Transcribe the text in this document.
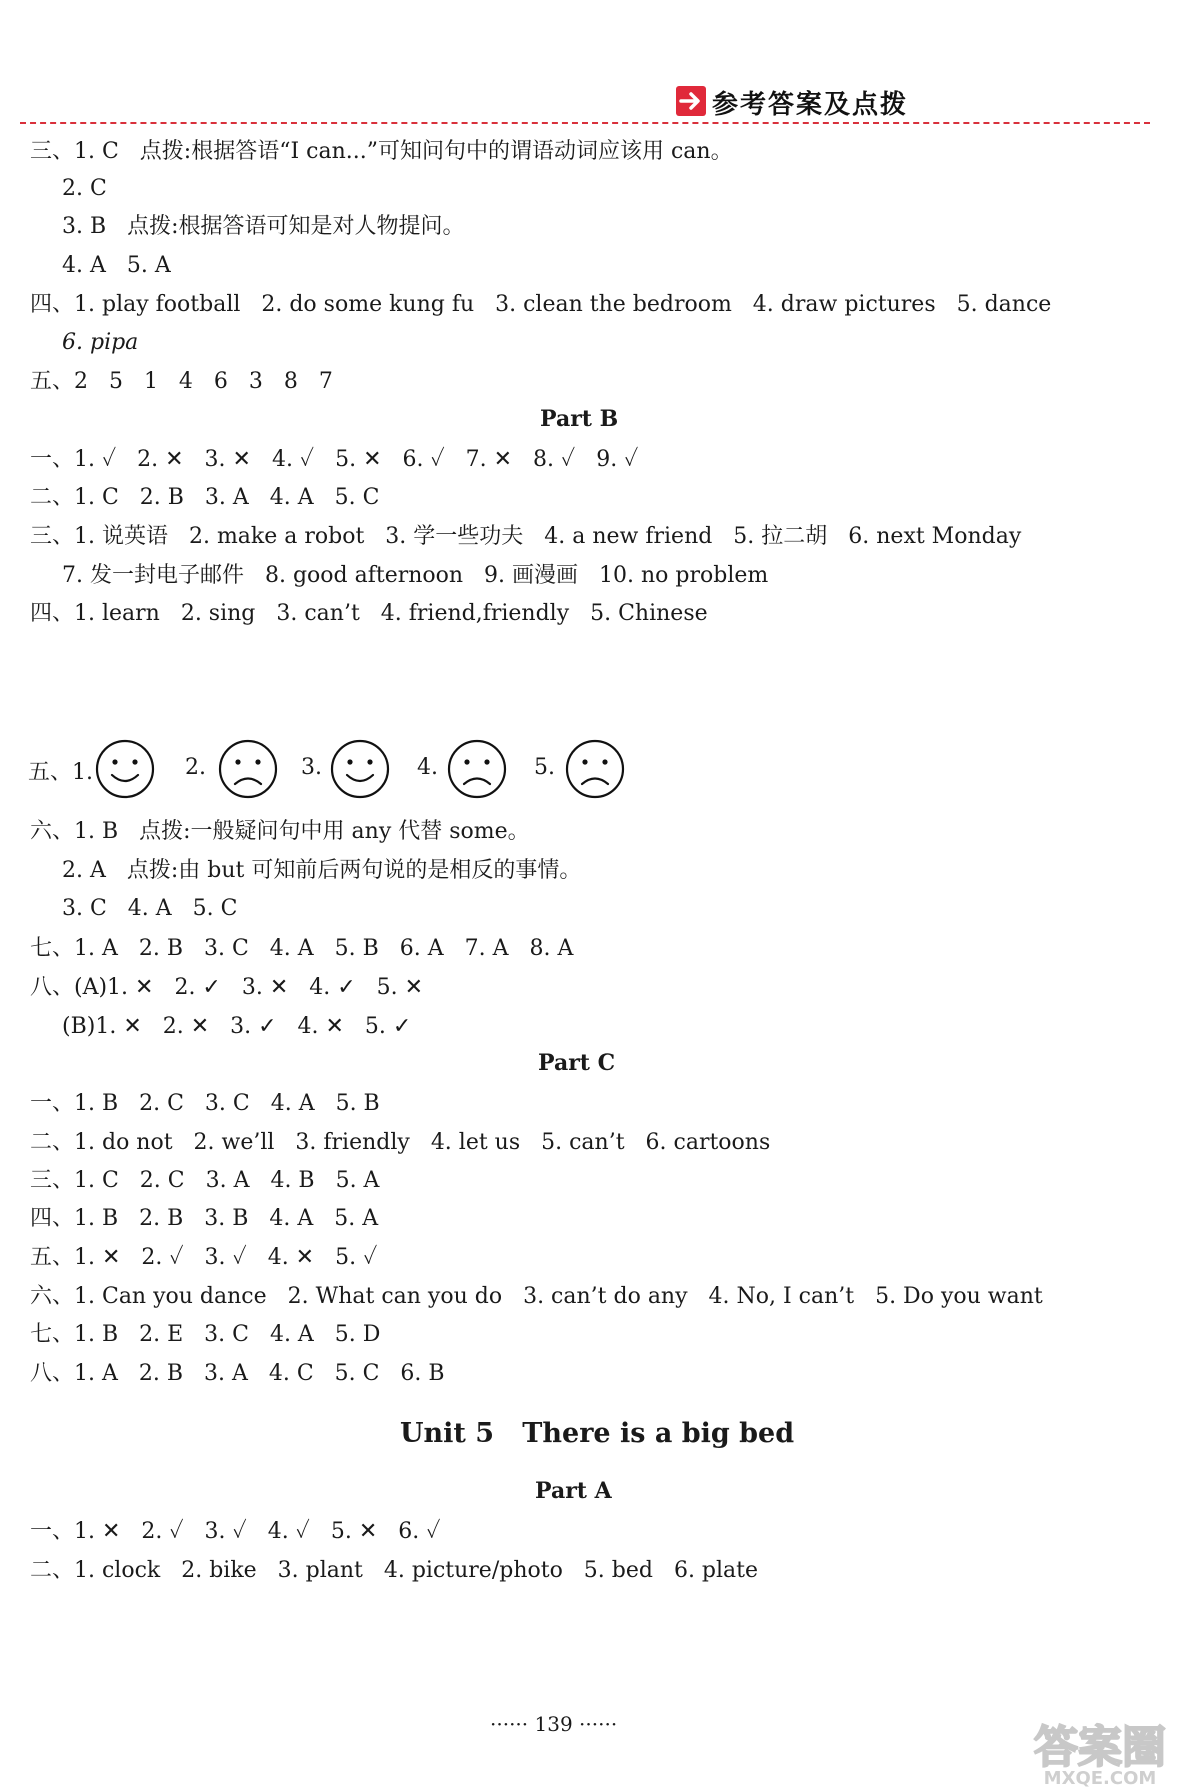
参考答案及点拨
三、1. C   点拨:根据答语“I can...”可知问句中的谓语动词应该用 can。
2. C
3. B   点拨:根据答语可知是对人物提问。
4. A   5. A
四、1. play football   2. do some kung fu   3. clean the bedroom   4. draw pictures   5. dance
6. pipa
五、2   5   1   4   6   3   8   7
Part B
一、1. ✓   2. ✕   3. ✕   4. ✓   5. ✕   6. ✓   7. ✕   8. ✓   9. ✓
二、1. C   2. B   3. A   4. A   5. C
三、1. 说英语   2. make a robot   3. 学一些功夫   4. a new friend   5. 拉二胡   6. next Monday
7. 发一封电子邮件   8. good afternoon   9. 画漫画   10. no problem
四、1. learn   2. sing   3. can’t   4. friend,friendly   5. Chinese
五、1.	2.	3.	4.	5.
六、1. B   点拨:一般疑问句中用 any 代替 some。
2. A   点拨:由 but 可知前后两句说的是相反的事情。
3. C   4. A   5. C
七、1. A   2. B   3. C   4. A   5. B   6. A   7. A   8. A
八、(A)1. ✕   2. ✓   3. ✕   4. ✓   5. ✕
(B)1. ✕   2. ✕   3. ✓   4. ✕   5. ✓
Part C
一、1. B   2. C   3. C   4. A   5. B
二、1. do not   2. we’ll   3. friendly   4. let us   5. can’t   6. cartoons
三、1. C   2. C   3. A   4. B   5. A
四、1. B   2. B   3. B   4. A   5. A
五、1. ✕   2. ✓   3. ✓   4. ✕   5. ✓
六、1. Can you dance   2. What can you do   3. can’t do any   4. No, I can’t   5. Do you want
七、1. B   2. E   3. C   4. A   5. D
八、1. A   2. B   3. A   4. C   5. C   6. B
Unit 5   There is a big bed
Part A
一、1. ✕   2. ✓   3. ✓   4. ✓   5. ✕   6. ✓
二、1. clock   2. bike   3. plant   4. picture/photo   5. bed   6. plate
······ 139 ······	答案圈
MXQE.COM
